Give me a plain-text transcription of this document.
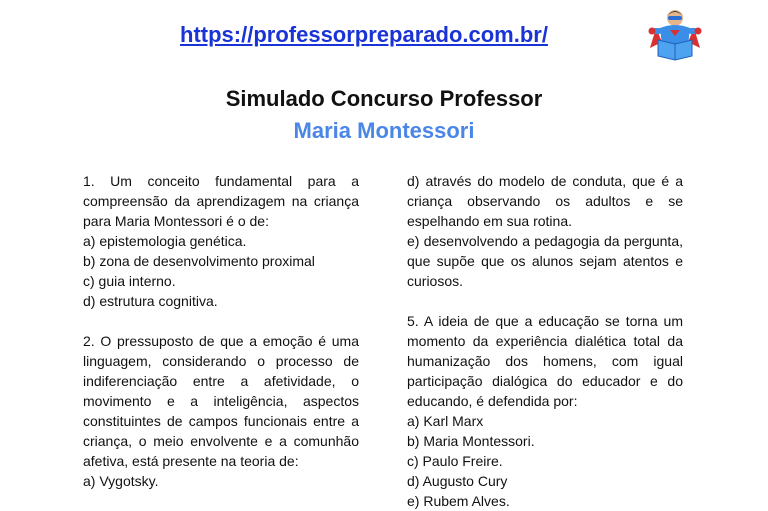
https://professorpreparado.com.br/
Simulado Concurso Professor
Maria Montessori

1. Um conceito fundamental para a compreensão da aprendizagem na criança para Maria Montessori é o de:

a) epistemologia genética.

b) zona de desenvolvimento proximal

c) guia interno.

d) estrutura cognitiva.

2. O pressuposto de que a emoção é uma linguagem, considerando o processo de indiferenciação entre a afetividade, o movimento e a inteligência, aspectos constituintes de campos funcionais entre a criança, o meio envolvente e a comunhão afetiva, está presente na teoria de:

a) Vygotsky.

d) através do modelo de conduta, que é a criança observando os adultos e se espelhando em sua rotina.

e) desenvolvendo a pedagogia da pergunta, que supõe que os alunos sejam atentos e curiosos.

5. A ideia de que a educação se torna um momento da experiência dialética total da humanização dos homens, com igual participação dialógica do educador e do educando, é defendida por:

a) Karl Marx

b) Maria Montessori.

c) Paulo Freire.

d) Augusto Cury

e) Rubem Alves.
